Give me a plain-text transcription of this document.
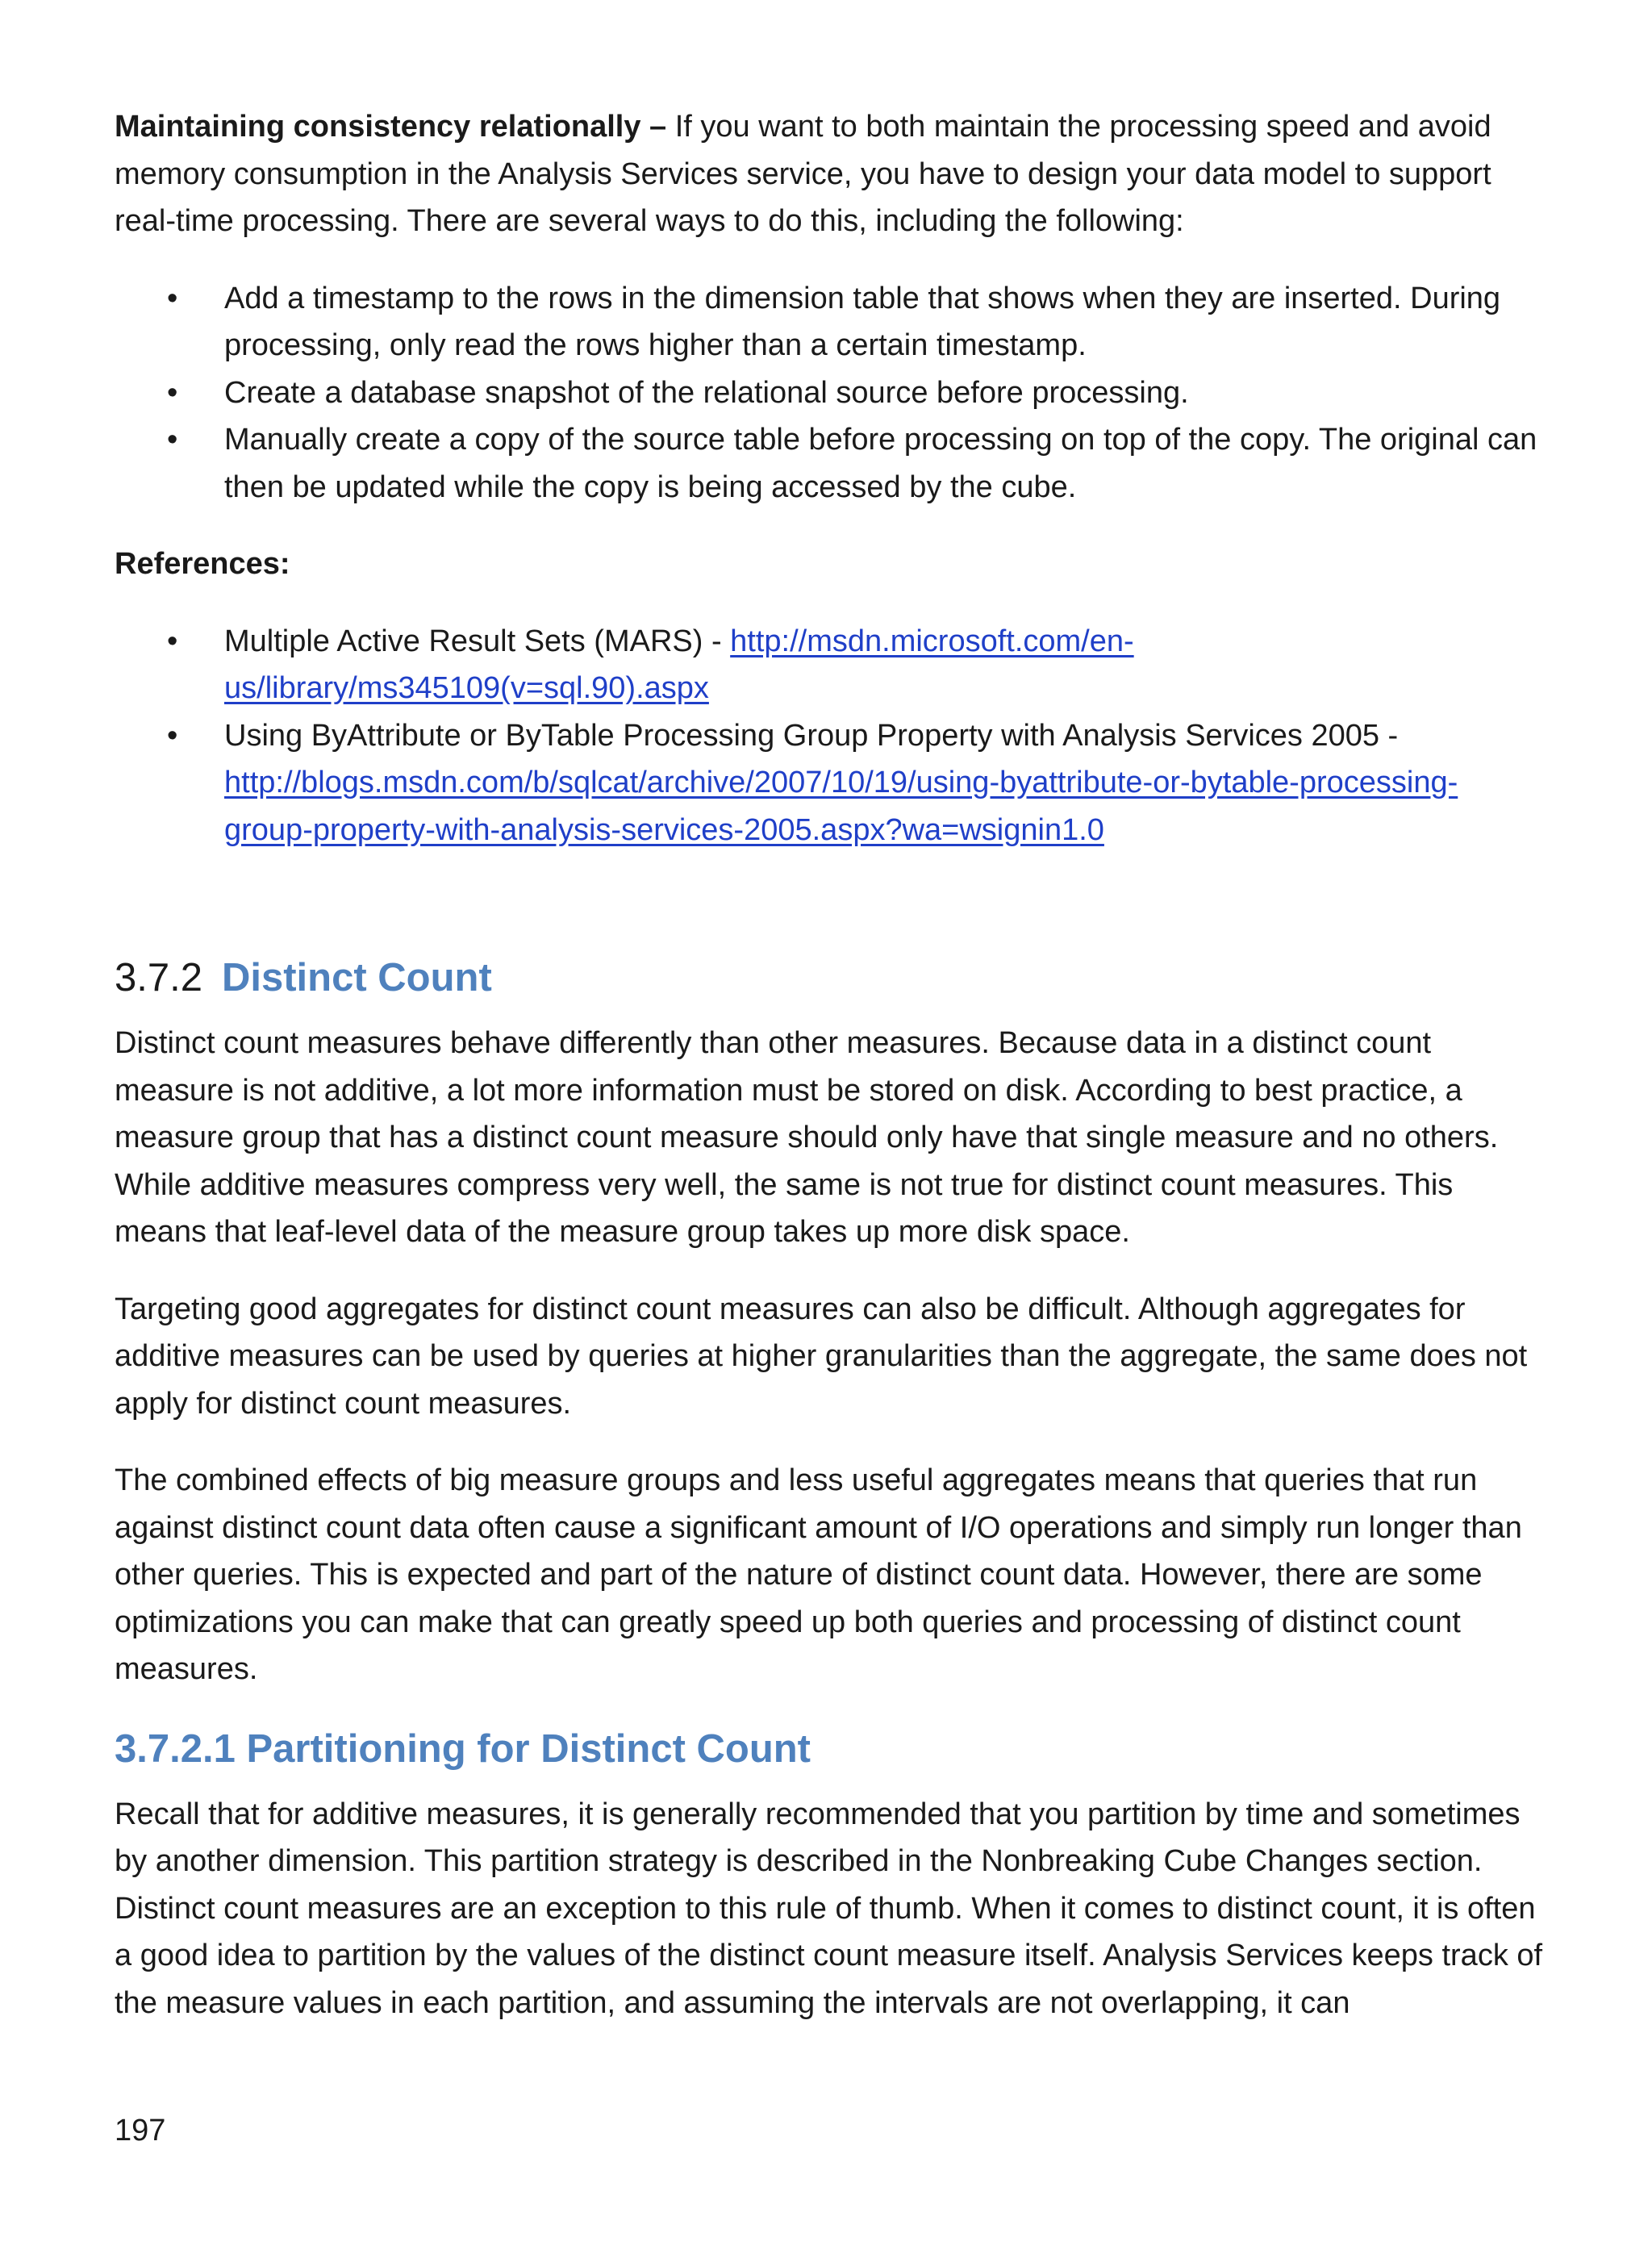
Maintaining consistency relationally – If you want to both maintain the processing speed and avoid memory consumption in the Analysis Services service, you have to design your data model to support real-time processing. There are several ways to do this, including the following:

• Add a timestamp to the rows in the dimension table that shows when they are inserted. During processing, only read the rows higher than a certain timestamp.
• Create a database snapshot of the relational source before processing.
• Manually create a copy of the source table before processing on top of the copy. The original can then be updated while the copy is being accessed by the cube.
References:
• Multiple Active Result Sets (MARS) - http://msdn.microsoft.com/en-us/library/ms345109(v=sql.90).aspx
• Using ByAttribute or ByTable Processing Group Property with Analysis Services 2005 - http://blogs.msdn.com/b/sqlcat/archive/2007/10/19/using-byattribute-or-bytable-processing-group-property-with-analysis-services-2005.aspx?wa=wsignin1.0
3.7.2 Distinct Count

Distinct count measures behave differently than other measures. Because data in a distinct count measure is not additive, a lot more information must be stored on disk. According to best practice, a measure group that has a distinct count measure should only have that single measure and no others. While additive measures compress very well, the same is not true for distinct count measures. This means that leaf-level data of the measure group takes up more disk space.

Targeting good aggregates for distinct count measures can also be difficult. Although aggregates for additive measures can be used by queries at higher granularities than the aggregate, the same does not apply for distinct count measures.

The combined effects of big measure groups and less useful aggregates means that queries that run against distinct count data often cause a significant amount of I/O operations and simply run longer than other queries. This is expected and part of the nature of distinct count data. However, there are some optimizations you can make that can greatly speed up both queries and processing of distinct count measures.

3.7.2.1 Partitioning for Distinct Count

Recall that for additive measures, it is generally recommended that you partition by time and sometimes by another dimension. This partition strategy is described in the Nonbreaking Cube Changes section. Distinct count measures are an exception to this rule of thumb. When it comes to distinct count, it is often a good idea to partition by the values of the distinct count measure itself. Analysis Services keeps track of the measure values in each partition, and assuming the intervals are not overlapping, it can

197
